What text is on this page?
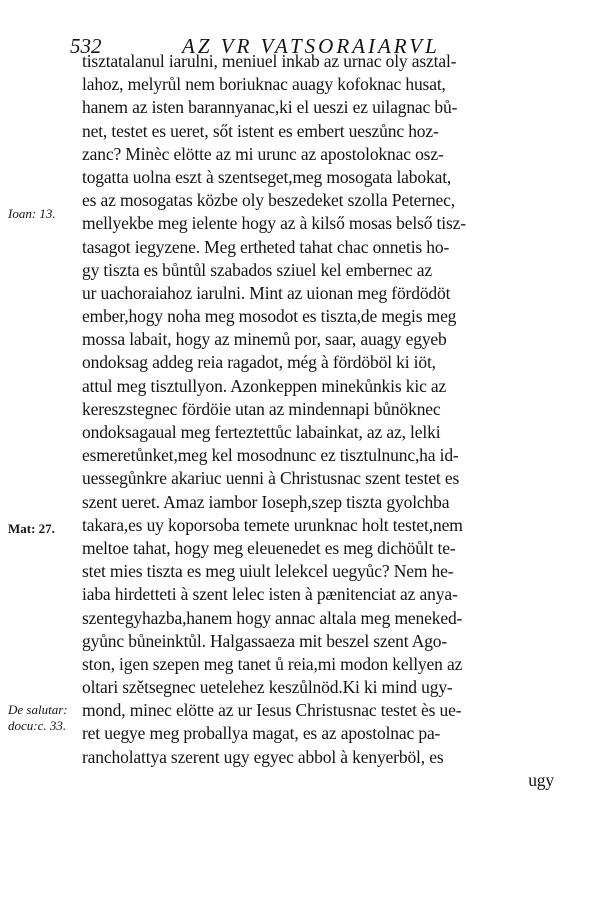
532	AZ VR VATSORAIARVL
Ioan: 13.
Mat: 27.
De salutar:
docu:c. 33.
tisztatalanul iarulni, meniuel inkab az urnac oly asztal-
lahoz, melyrůl nem boriuknac auagy kofoknac husat,
hanem az isten barannyanac,ki el ueszi ez uilagnac bů-
net, testet es ueret, sőt istent es embert ueszůnc hoz-
zanc? Minèc elötte az mi urunc az apostoloknac osz-
togatta uolna eszt à szentseget,meg mosogata labokat,
es az mosogatas közbe oly beszedeket szolla Peternec,
mellyekbe meg ielente hogy az à kilső mosas belső tisz-
tasagot iegyzene. Meg ertheted tahat chac onnetis ho-
gy tiszta es bůntůl szabados sziuel kel embernec az
ur uachoraiahoz iarulni. Mint az uionan meg fördödöt
ember,hogy noha meg mosodot es tiszta,de megis meg
mossa labait, hogy az minemů por, saar, auagy egyeb
ondoksag addeg reia ragadot, még à fördöböl ki iöt,
attul meg tisztullyon. Azonkeppen minekůnkis kic az
kereszstegnec fördöie utan az mindennapi bůnöknec
ondoksagaual meg ferteztettůc labainkat, az az, lelki
esmeretůnket,meg kel mosodnunc ez tisztulnunc,ha id-
uessegůnkre akariuc uenni à Christusnac szent testet es
szent ueret. Amaz iambor Ioseph,szep tiszta gyolchba
takara,es uy koporsoba temete urunknac holt testet,nem
meltoe tahat, hogy meg eleuenedet es meg dichöůlt te-
stet mies tiszta es meg uiult lelekcel uegyůc? Nem he-
iaba hirdetteti à szent lelec isten à pænitenciat az anya-
szentegyhazba,hanem hogy annac altala meg meneked-
gyůnc bůneinktůl. Halgassaeza mit beszel szent Ago-
ston, igen szepen meg tanet ů reia,mi modon kellyen az
oltari szětsegnec uetelehez keszůlnöd.Ki ki mind ugy-
mond, minec elötte az ur Iesus Christusnac testet ès ue-
ret uegye meg proballya magat, es az apostolnac pa-
rancholattya szerent ugy egyec abbol à kenyerböl, es
ugy
